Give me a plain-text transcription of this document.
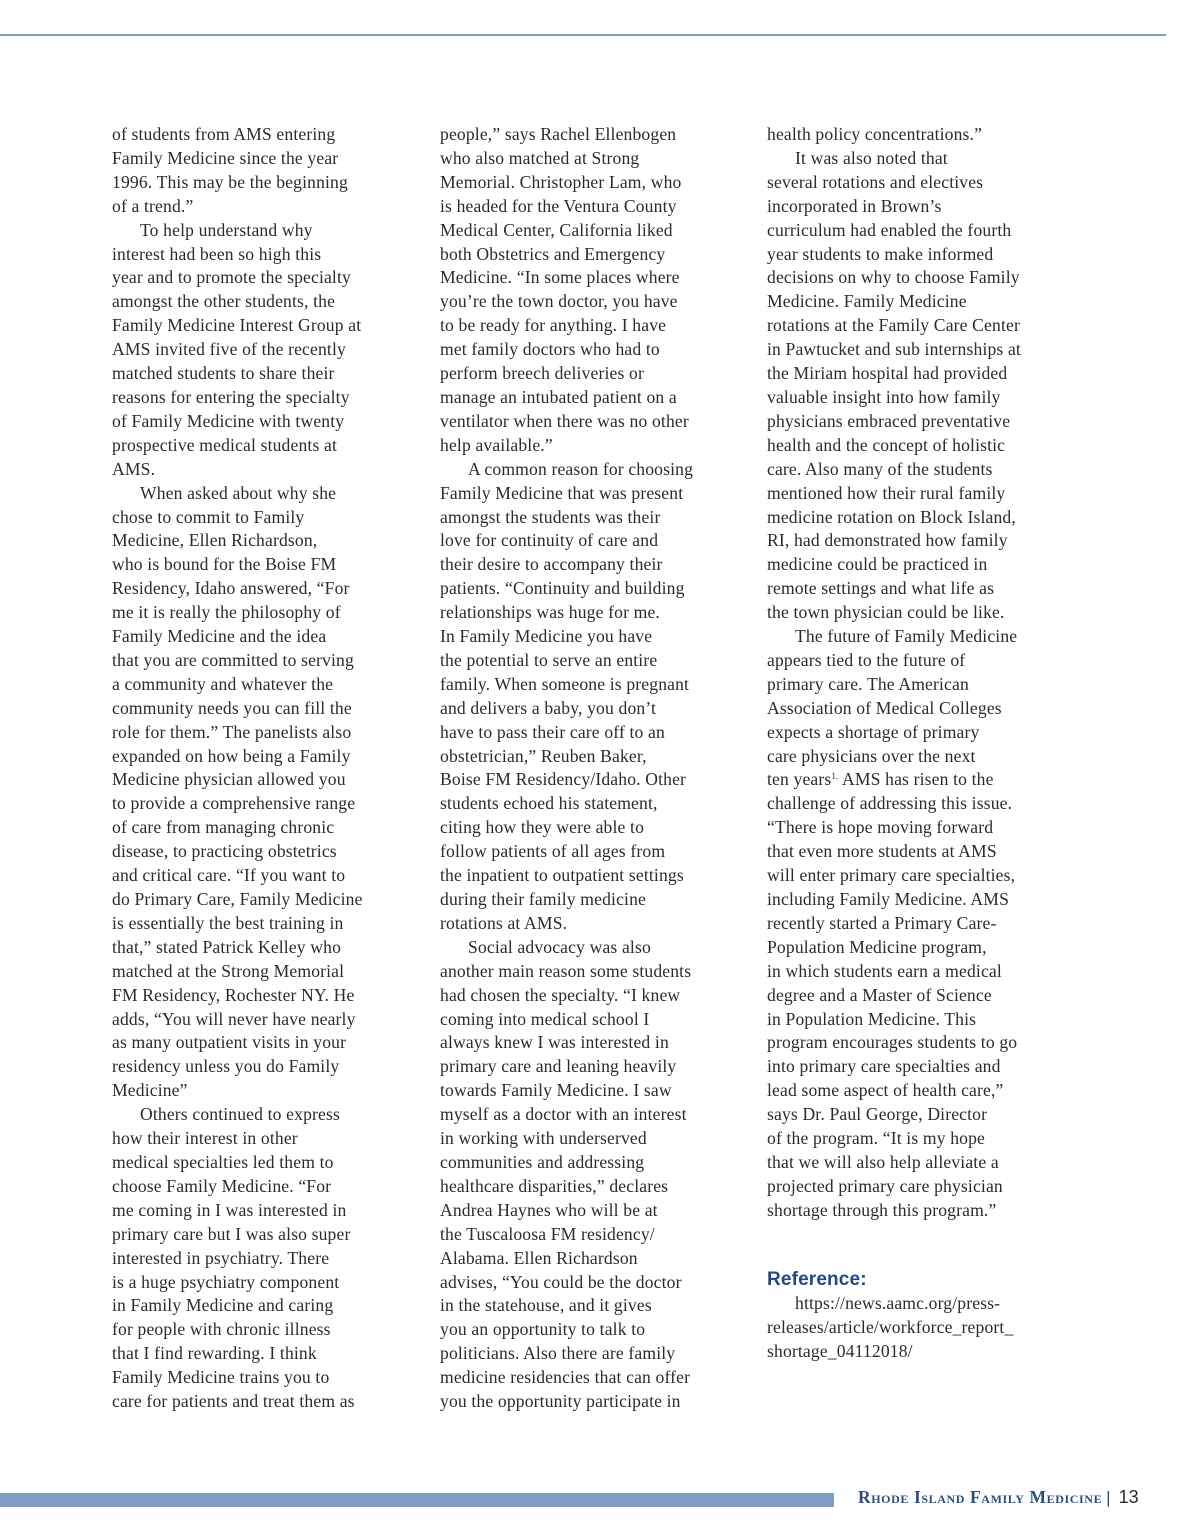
of students from AMS entering
Family Medicine since the year
1996. This may be the beginning
of a trend.”
To help understand why
interest had been so high this
year and to promote the specialty
amongst the other students, the
Family Medicine Interest Group at
AMS invited five of the recently
matched students to share their
reasons for entering the specialty
of Family Medicine with twenty
prospective medical students at
AMS.
When asked about why she
chose to commit to Family
Medicine, Ellen Richardson,
who is bound for the Boise FM
Residency, Idaho answered, “For
me it is really the philosophy of
Family Medicine and the idea
that you are committed to serving
a community and whatever the
community needs you can fill the
role for them.” The panelists also
expanded on how being a Family
Medicine physician allowed you
to provide a comprehensive range
of care from managing chronic
disease, to practicing obstetrics
and critical care. “If you want to
do Primary Care, Family Medicine
is essentially the best training in
that,” stated Patrick Kelley who
matched at the Strong Memorial
FM Residency, Rochester NY. He
adds, “You will never have nearly
as many outpatient visits in your
residency unless you do Family
Medicine”
Others continued to express
how their interest in other
medical specialties led them to
choose Family Medicine. “For
me coming in I was interested in
primary care but I was also super
interested in psychiatry. There
is a huge psychiatry component
in Family Medicine and caring
for people with chronic illness
that I find rewarding. I think
Family Medicine trains you to
care for patients and treat them as
people,” says Rachel Ellenbogen
who also matched at Strong
Memorial. Christopher Lam, who
is headed for the Ventura County
Medical Center, California liked
both Obstetrics and Emergency
Medicine. “In some places where
you’re the town doctor, you have
to be ready for anything. I have
met family doctors who had to
perform breech deliveries or
manage an intubated patient on a
ventilator when there was no other
help available.”
A common reason for choosing
Family Medicine that was present
amongst the students was their
love for continuity of care and
their desire to accompany their
patients. “Continuity and building
relationships was huge for me.
In Family Medicine you have
the potential to serve an entire
family. When someone is pregnant
and delivers a baby, you don’t
have to pass their care off to an
obstetrician,” Reuben Baker,
Boise FM Residency/Idaho. Other
students echoed his statement,
citing how they were able to
follow patients of all ages from
the inpatient to outpatient settings
during their family medicine
rotations at AMS.
Social advocacy was also
another main reason some students
had chosen the specialty. “I knew
coming into medical school I
always knew I was interested in
primary care and leaning heavily
towards Family Medicine. I saw
myself as a doctor with an interest
in working with underserved
communities and addressing
healthcare disparities,” declares
Andrea Haynes who will be at
the Tuscaloosa FM residency/
Alabama. Ellen Richardson
advises, “You could be the doctor
in the statehouse, and it gives
you an opportunity to talk to
politicians. Also there are family
medicine residencies that can offer
you the opportunity participate in
health policy concentrations.”
It was also noted that
several rotations and electives
incorporated in Brown’s
curriculum had enabled the fourth
year students to make informed
decisions on why to choose Family
Medicine. Family Medicine
rotations at the Family Care Center
in Pawtucket and sub internships at
the Miriam hospital had provided
valuable insight into how family
physicians embraced preventative
health and the concept of holistic
care. Also many of the students
mentioned how their rural family
medicine rotation on Block Island,
RI, had demonstrated how family
medicine could be practiced in
remote settings and what life as
the town physician could be like.
The future of Family Medicine
appears tied to the future of
primary care. The American
Association of Medical Colleges
expects a shortage of primary
care physicians over the next
ten years$^{1.}$ AMS has risen to the
challenge of addressing this issue.
“There is hope moving forward
that even more students at AMS
will enter primary care specialties,
including Family Medicine. AMS
recently started a Primary Care-
Population Medicine program,
in which students earn a medical
degree and a Master of Science
in Population Medicine. This
program encourages students to go
into primary care specialties and
lead some aspect of health care,”
says Dr. Paul George, Director
of the program. “It is my hope
that we will also help alleviate a
projected primary care physician
shortage through this program.”
Reference:
https://news.aamc.org/press-
releases/article/workforce_report_
shortage_04112018/
Rhode Island Family Medicine | 13
